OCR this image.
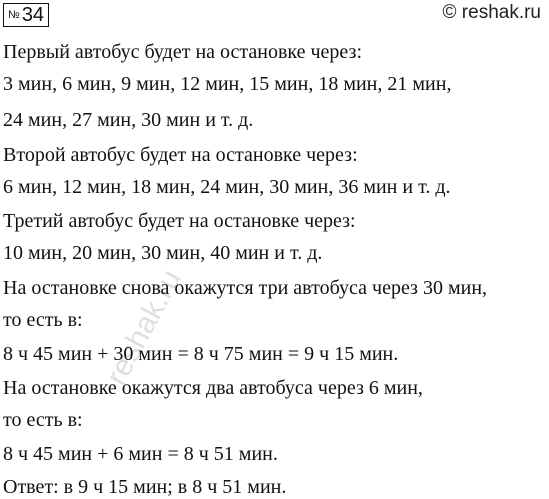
№ 34	© reshak.ru
Первый автобус будет на остановке через:
3 мин, 6 мин, 9 мин, 12 мин, 15 мин, 18 мин, 21 мин,
24 мин, 27 мин, 30 мин и т. д.
Второй автобус будет на остановке через:
6 мин, 12 мин, 18 мин, 24 мин, 30 мин, 36 мин и т. д.
Третий автобус будет на остановке через:
10 мин, 20 мин, 30 мин, 40 мин и т. д.
На остановке снова окажутся три автобуса через 30 мин,
то есть в:
8 ч 45 мин + 30 мин = 8 ч 75 мин = 9 ч 15 мин.
На остановке окажутся два автобуса через 6 мин,
то есть в:
8 ч 45 мин + 6 мин = 8 ч 51 мин.
Ответ: в 9 ч 15 мин; в 8 ч 51 мин.
reshak.ru
